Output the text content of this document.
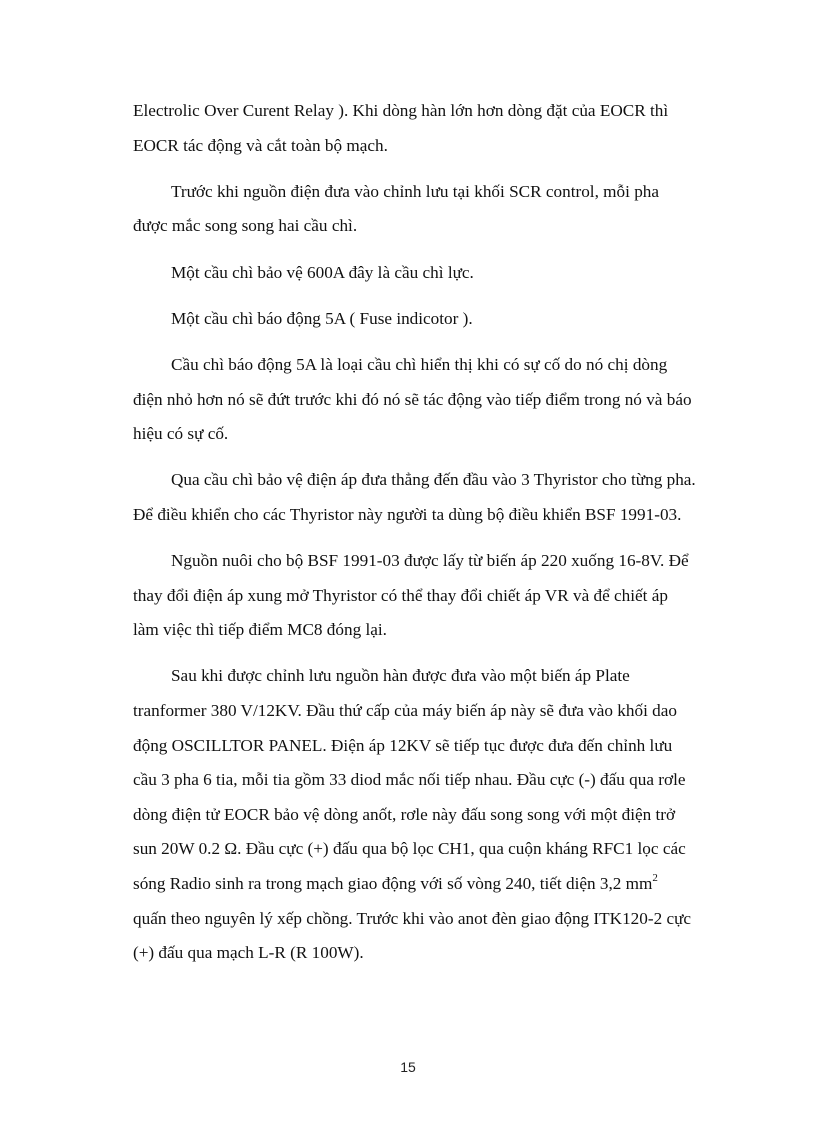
Electrolic Over Curent Relay ). Khi dòng hàn lớn hơn dòng đặt của EOCR thì
EOCR tác động và cắt toàn bộ mạch.

Trước khi nguồn điện đưa vào chỉnh lưu tại khối SCR control, mỗi pha
được mắc song song hai cầu chì.

Một cầu chì bảo vệ 600A đây là cầu chì lực.

Một cầu chì báo động 5A ( Fuse indicotor ).

Cầu chì báo động 5A là loại cầu chì hiển thị khi có sự cố do nó chị dòng
điện nhỏ hơn nó sẽ đứt trước khi đó nó sẽ tác động vào tiếp điểm trong nó và báo
hiệu có sự cố.

Qua cầu chì bảo vệ điện áp đưa thẳng đến đầu vào 3 Thyristor cho từng pha.
Để điều khiển cho các Thyristor này người ta dùng bộ điều khiển BSF 1991-03.

Nguồn nuôi cho bộ BSF 1991-03 được lấy từ biến áp 220 xuống 16-8V. Để
thay đổi điện áp xung mở Thyristor có thể thay đổi chiết áp VR và để chiết áp
làm việc thì tiếp điểm MC8 đóng lại.

Sau khi được chỉnh lưu nguồn hàn được đưa vào một biến áp Plate
tranformer 380 V/12KV. Đầu thứ cấp của máy biến áp này sẽ đưa vào khối dao
động OSCILLTOR PANEL. Điện áp 12KV sẽ tiếp tục được đưa đến chỉnh lưu
cầu 3 pha 6 tia, mỗi tia gồm 33 diod mắc nối tiếp nhau. Đầu cực (-) đấu qua rơle
dòng điện tử EOCR bảo vệ dòng anốt, rơle này đấu song song với một điện trở
sun 20W 0.2 Ω. Đầu cực (+) đấu qua bộ lọc CH1, qua cuộn kháng RFC1 lọc các
sóng Radio sinh ra trong mạch giao động với số vòng 240, tiết diện 3,2 $mm^2$
quấn theo nguyên lý xếp chồng. Trước khi vào anot đèn giao động ITK120-2 cực
(+) đấu qua mạch L-R (R 100W).

15
